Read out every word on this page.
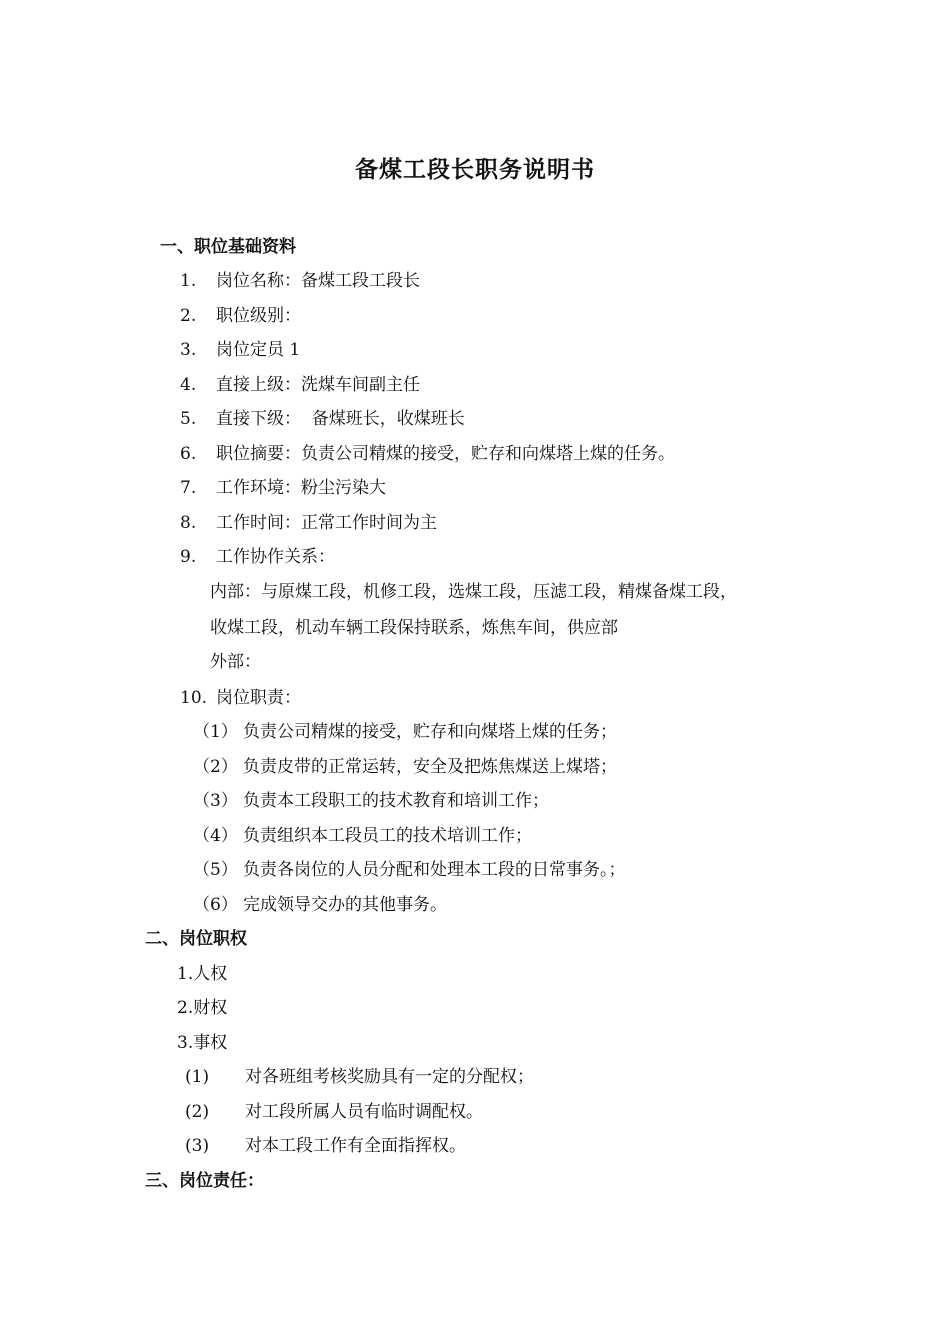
备煤工段长职务说明书
一、职位基础资料
1. 岗位名称：备煤工段工段长
2. 职位级别：
3. 岗位定员 1
4. 直接上级：洗煤车间副主任
5. 直接下级：  备煤班长，收煤班长
6. 职位摘要：负责公司精煤的接受，贮存和向煤塔上煤的任务。
7. 工作环境：粉尘污染大
8. 工作时间：正常工作时间为主
9. 工作协作关系：
内部：与原煤工段，机修工段，选煤工段，压滤工段，精煤备煤工段，
收煤工段，机动车辆工段保持联系，炼焦车间，供应部
外部：
10. 岗位职责：
（1） 负责公司精煤的接受，贮存和向煤塔上煤的任务；
（2） 负责皮带的正常运转，安全及把炼焦煤送上煤塔；
（3） 负责本工段职工的技术教育和培训工作；
（4） 负责组织本工段员工的技术培训工作；
（5） 负责各岗位的人员分配和处理本工段的日常事务。；
（6） 完成领导交办的其他事务。
二、岗位职权
1.人权
2.财权
3.事权
(1) 对各班组考核奖励具有一定的分配权；
(2) 对工段所属人员有临时调配权。
(3) 对本工段工作有全面指挥权。
三、岗位责任：
